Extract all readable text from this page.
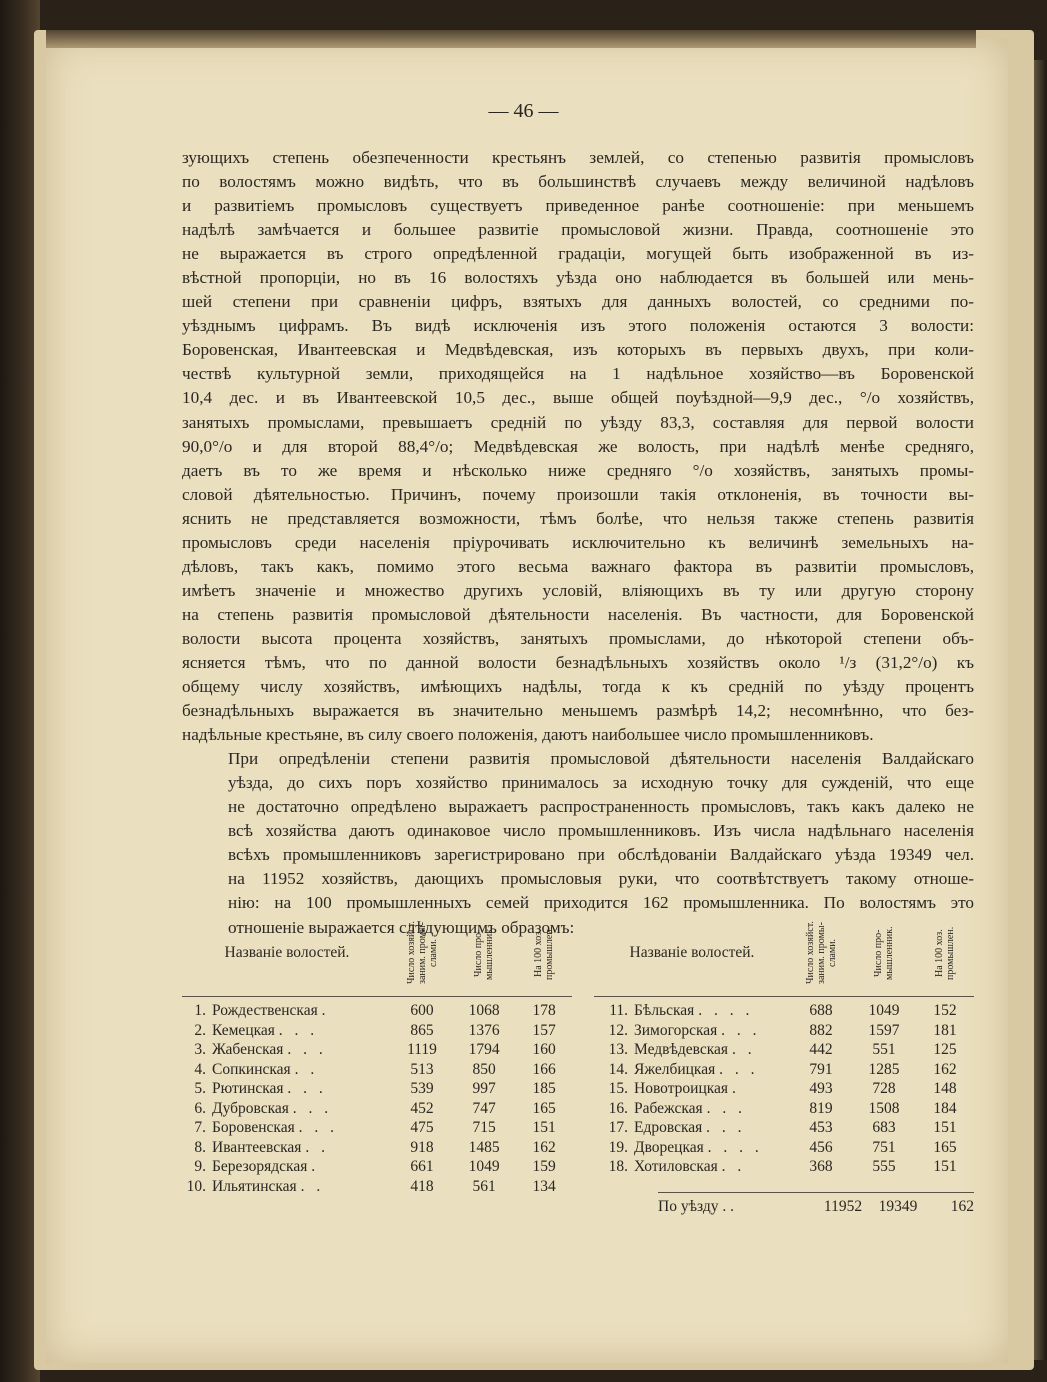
— 46 —

зующихъ степень обезпеченности крестьянъ землей, со степенью развитія промысловъ
по волостямъ можно видѣть, что въ большинствѣ случаевъ между величиной надѣловъ
и развитіемъ промысловъ существуетъ приведенное ранѣе соотношеніе: при меньшемъ
надѣлѣ замѣчается и большее развитіе промысловой жизни. Правда, соотношеніе это
не выражается въ строго опредѣленной градаціи, могущей быть изображенной въ из-
вѣстной пропорціи, но въ 16 волостяхъ уѣзда оно наблюдается въ большей или мень-
шей степени при сравненіи цифръ, взятыхъ для данныхъ волостей, со средними по-
уѣзднымъ цифрамъ. Въ видѣ исключенія изъ этого положенія остаются 3 волости:
Боровенская, Ивантеевская и Медвѣдевская, изъ которыхъ въ первыхъ двухъ, при коли-
чествѣ культурной земли, приходящейся на 1 надѣльное хозяйство—въ Боровенской
10,4 дес. и въ Ивантеевской 10,5 дес., выше общей поуѣздной—9,9 дес., °/о хозяйствъ,
занятыхъ промыслами, превышаетъ средній по уѣзду 83,3, составляя для первой волости
90,0°/о и для второй 88,4°/о; Медвѣдевская же волость, при надѣлѣ менѣе средняго,
даетъ въ то же время и нѣсколько ниже средняго °/о хозяйствъ, занятыхъ промы-
словой дѣятельностью. Причинъ, почему произошли такія отклоненія, въ точности вы-
яснить не представляется возможности, тѣмъ болѣе, что нельзя также степень развитія
промысловъ среди населенія пріурочивать исключительно къ величинѣ земельныхъ на-
дѣловъ, такъ какъ, помимо этого весьма важнаго фактора въ развитіи промысловъ,
имѣетъ значеніе и множество другихъ условій, вліяющихъ въ ту или другую сторону
на степень развитія промысловой дѣятельности населенія. Въ частности, для Боровенской
волости высота процента хозяйствъ, занятыхъ промыслами, до нѣкоторой степени объ-
ясняется тѣмъ, что по данной волости безнадѣльныхъ хозяйствъ около ¹/з (31,2°/о) къ
общему числу хозяйствъ, имѣющихъ надѣлы, тогда к къ средній по уѣзду процентъ
безнадѣльныхъ выражается въ значительно меньшемъ размѣрѣ 14,2; несомнѣнно, что без-
надѣльные крестьяне, въ силу своего положенія, даютъ наибольшее число промышленниковъ.

При опредѣленіи степени развитія промысловой дѣятельности населенія Валдайскаго
уѣзда, до сихъ поръ хозяйство принималось за исходную точку для сужденій, что еще
не достаточно опредѣлено выражаетъ распространенность промысловъ, такъ какъ далеко не
всѣ хозяйства даютъ одинаковое число промышленниковъ. Изъ числа надѣльнаго населенія
всѣхъ промышленниковъ зарегистрировано при обслѣдованіи Валдайскаго уѣзда 19349 чел.
на 11952 хозяйствъ, дающихъ промысловыя руки, что соотвѣтствуетъ такому отноше-
нію: на 100 промышленныхъ семей приходится 162 промышленника. По волостямъ это
отношеніе выражается слѣдующимъ образомъ:

Названіе волостей.		Число хозяйст. заним. промы-слами.	Число про-мышленник.	На 100 хоз. промышлен.

1.	Рождественская .	600	1068	178
2.	Кемецкая . . .	865	1376	157
3.	Жабенская . . .	1119	1794	160
4.	Сопкинская . .	513	850	166
5.	Рютинская . . .	539	997	185
6.	Дубровская . . .	452	747	165
7.	Боровенская . . .	475	715	151
8.	Ивантеевская . .	918	1485	162
9.	Березорядская .	661	1049	159
10.	Ильятинская . .	418	561	134
Названіе волостей.		Число хозяйст. заним. промы-слами.	Число про-мышленник.	На 100 хоз. промышлен.

11.	Бѣльская . . . .	688	1049	152
12.	Зимогорская . . .	882	1597	181
13.	Медвѣдевская . .	442	551	125
14.	Яжелбицкая . . .	791	1285	162
15.	Новотроицкая .	493	728	148
16.	Рабежская . . .	819	1508	184
17.	Едровская . . .	453	683	151
19.	Дворецкая . . . .	456	751	165
18.	Хотиловская . .	368	555	151
По уѣзду . .	11952	19349	162
